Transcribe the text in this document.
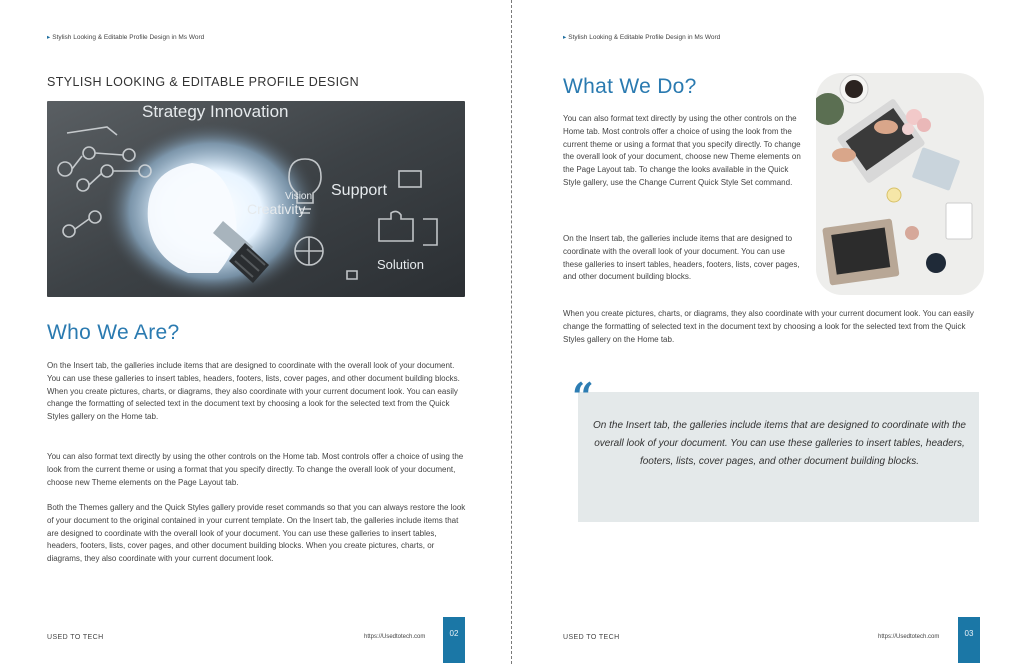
▸ Stylish Looking & Editable Profile Design in Ms Word
STYLISH LOOKING & EDITABLE PROFILE DESIGN
Strategy Innovation
Vision
Creativity
Support
Solution
Who We Are?

On the Insert tab, the galleries include items that are designed to coordinate with the overall look of your document. You can use these galleries to insert tables, headers, footers, lists, cover pages, and other document building blocks. When you create pictures, charts, or diagrams, they also coordinate with your current document look. You can easily change the formatting of selected text in the document text by choosing a look for the selected text from the Quick Styles gallery on the Home tab.

You can also format text directly by using the other controls on the Home tab. Most controls offer a choice of using the look from the current theme or using a format that you specify directly. To change the overall look of your document, choose new Theme elements on the Page Layout tab.

Both the Themes gallery and the Quick Styles gallery provide reset commands so that you can always restore the look of your document to the original contained in your current template. On the Insert tab, the galleries include items that are designed to coordinate with the overall look of your document. You can use these galleries to insert tables, headers, footers, lists, cover pages, and other document building blocks. When you create pictures, charts, or diagrams, they also coordinate with your current document look.

USED TO TECH	https://Usedtotech.com	02
▸ Stylish Looking & Editable Profile Design in Ms Word
What We Do?

You can also format text directly by using the other controls on the Home tab. Most controls offer a choice of using the look from the current theme or using a format that you specify directly. To change the overall look of your document, choose new Theme elements on the Page Layout tab. To change the looks available in the Quick Style gallery, use the Change Current Quick Style Set command.

On the Insert tab, the galleries include items that are designed to coordinate with the overall look of your document. You can use these galleries to insert tables, headers, footers, lists, cover pages, and other document building blocks.

When you create pictures, charts, or diagrams, they also coordinate with your current document look. You can easily change the formatting of selected text in the document text by choosing a look for the selected text from the Quick Styles gallery on the Home tab.

“

On the Insert tab, the galleries include items that are designed to coordinate with the overall look of your document. You can use these galleries to insert tables, headers, footers, lists, cover pages, and other document building blocks.

USED TO TECH	https://Usedtotech.com	03
